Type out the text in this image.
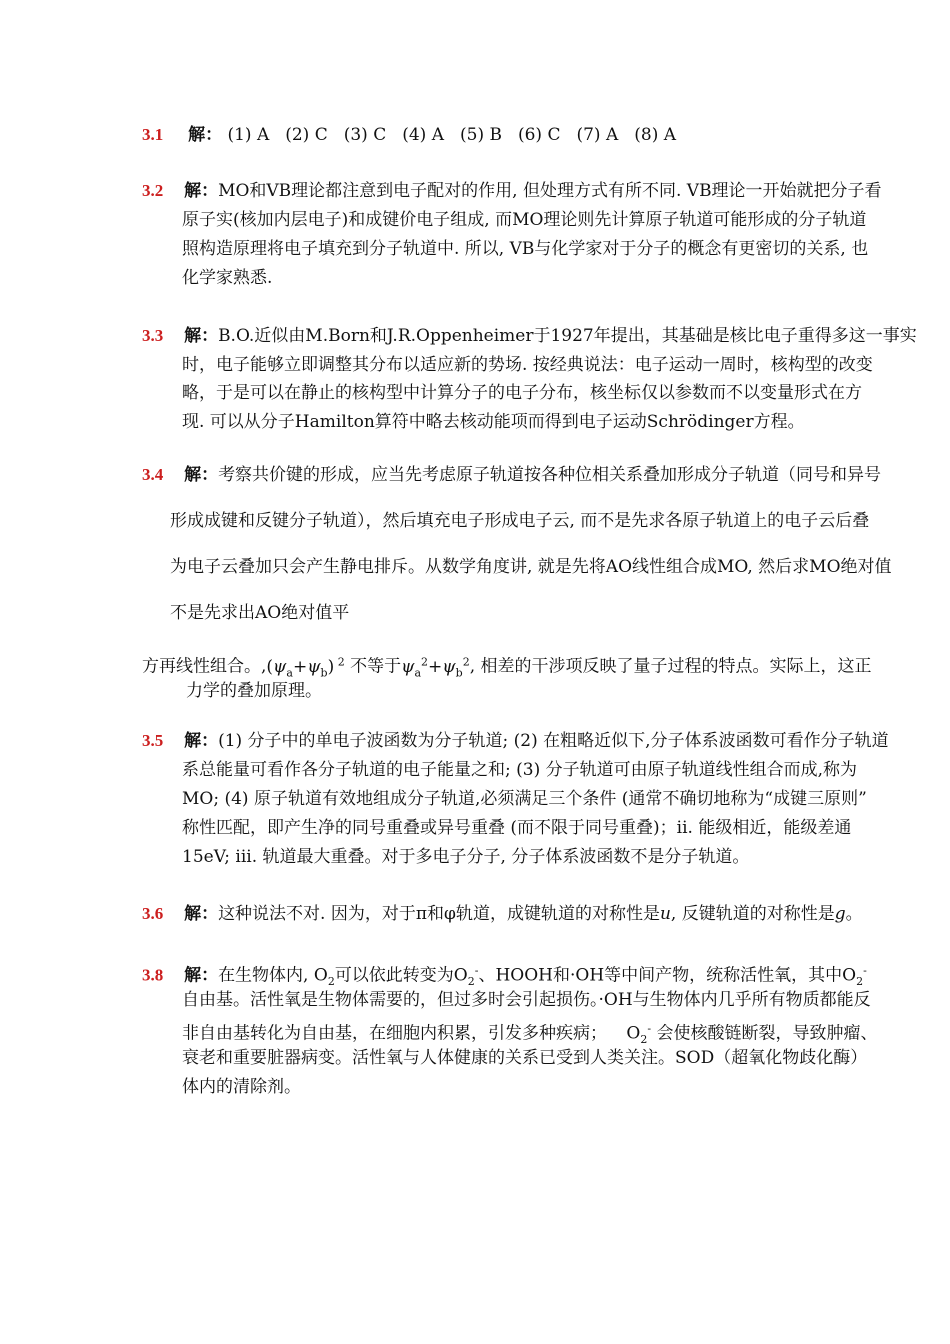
3.1 解： (1) A (2) C (3) C (4) A (5) B (6) C (7) A (8) A
3.2 解：MO和VB理论都注意到电子配对的作用, 但处理方式有所不同. VB理论一开始就把分子看
原子实(核加内层电子)和成键价电子组成, 而MO理论则先计算原子轨道可能形成的分子轨道
照构造原理将电子填充到分子轨道中. 所以, VB与化学家对于分子的概念有更密切的关系, 也
化学家熟悉.
3.3 解：B.O.近似由M.Born和J.R.Oppenheimer于1927年提出，其基础是核比电子重得多这一事实
时，电子能够立即调整其分布以适应新的势场. 按经典说法：电子运动一周时，核构型的改变
略，于是可以在静止的核构型中计算分子的电子分布，核坐标仅以参数而不以变量形式在方
现. 可以从分子Hamilton算符中略去核动能项而得到电子运动Schrödinger方程。
3.4 解：考察共价键的形成，应当先考虑原子轨道按各种位相关系叠加形成分子轨道（同号和异号
形成成键和反键分子轨道），然后填充电子形成电子云, 而不是先求各原子轨道上的电子云后叠
为电子云叠加只会产生静电排斥。从数学角度讲, 就是先将AO线性组合成MO, 然后求MO绝对值
不是先求出AO绝对值平
方再线性组合。$,(\psi_a+\psi_b)$ $^2$ 不等于$\psi_a^2+\psi_b^2$, 相差的干涉项反映了量子过程的特点。实际上，这正
力学的叠加原理。
3.5 解：(1) 分子中的单电子波函数为分子轨道; (2) 在粗略近似下,分子体系波函数可看作分子轨道
系总能量可看作各分子轨道的电子能量之和; (3) 分子轨道可由原子轨道线性组合而成,称为
MO; (4) 原子轨道有效地组成分子轨道,必须满足三个条件 (通常不确切地称为“成键三原则”
称性匹配，即产生净的同号重叠或异号重叠 (而不限于同号重叠)；ii. 能级相近，能级差通
15eV; iii. 轨道最大重叠。对于多电子分子, 分子体系波函数不是分子轨道。
3.6 解：这种说法不对. 因为，对于π和φ轨道，成键轨道的对称性是u, 反键轨道的对称性是g。
3.8 解：在生物体内, $O_2$可以依此转变为$O_2^-$、HOOH和·OH等中间产物，统称活性氧，其中$O_2^-$
自由基。活性氧是生物体需要的，但过多时会引起损伤。·OH与生物体内几乎所有物质都能反
非自由基转化为自由基，在细胞内积累，引发多种疾病； $O_2^-$ 会使核酸链断裂，导致肿瘤、
衰老和重要脏器病变。活性氧与人体健康的关系已受到人类关注。SOD（超氧化物歧化酶）
体内的清除剂。
